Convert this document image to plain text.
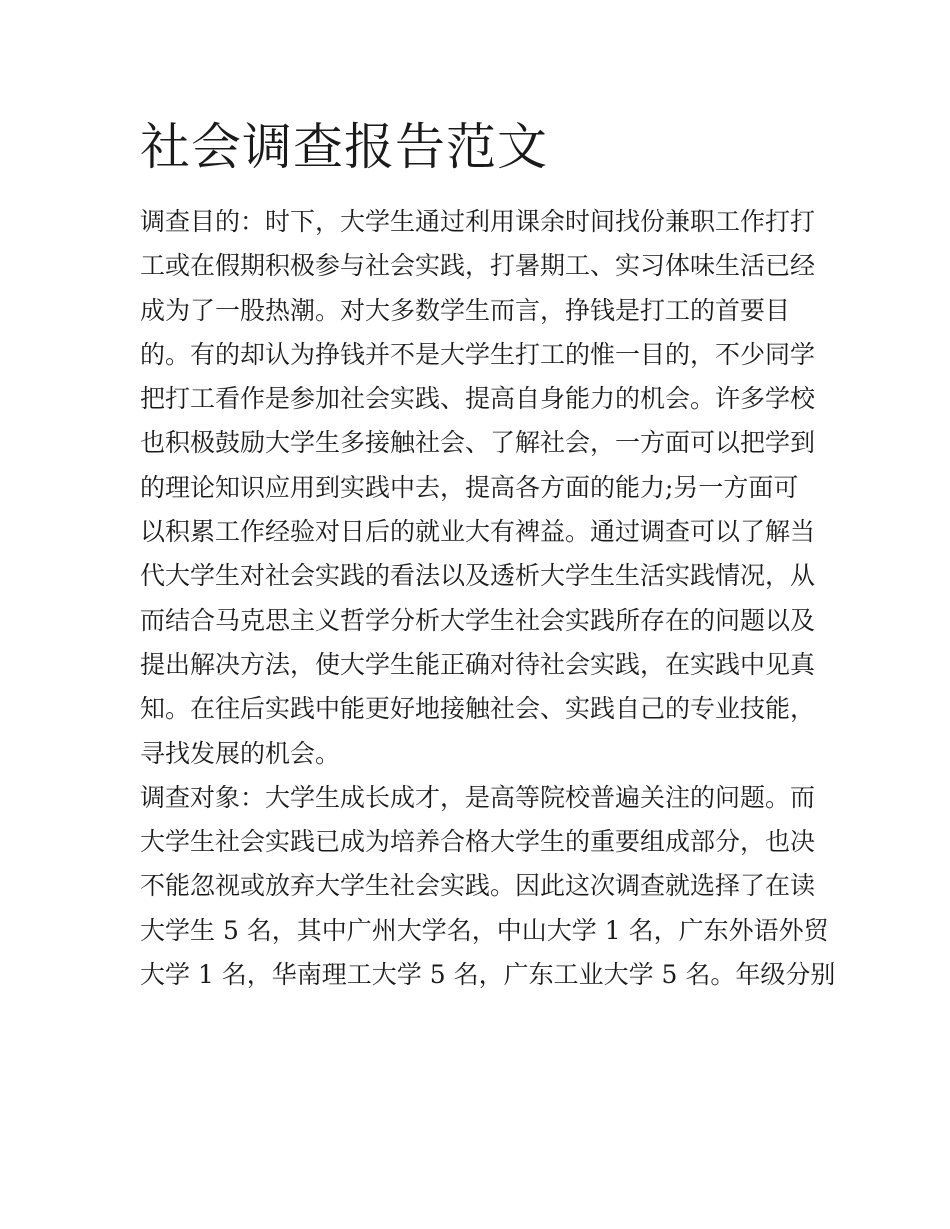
社会调查报告范文
调查目的：时下，大学生通过利用课余时间找份兼职工作打打
工或在假期积极参与社会实践，打暑期工、实习体味生活已经
成为了一股热潮。对大多数学生而言，挣钱是打工的首要目
的。有的却认为挣钱并不是大学生打工的惟一目的，不少同学
把打工看作是参加社会实践、提高自身能力的机会。许多学校
也积极鼓励大学生多接触社会、了解社会，一方面可以把学到
的理论知识应用到实践中去，提高各方面的能力;另一方面可
以积累工作经验对日后的就业大有裨益。通过调查可以了解当
代大学生对社会实践的看法以及透析大学生生活实践情况，从
而结合马克思主义哲学分析大学生社会实践所存在的问题以及
提出解决方法，使大学生能正确对待社会实践，在实践中见真
知。在往后实践中能更好地接触社会、实践自己的专业技能，
寻找发展的机会。
调查对象：大学生成长成才，是高等院校普遍关注的问题。而
大学生社会实践已成为培养合格大学生的重要组成部分，也决
不能忽视或放弃大学生社会实践。因此这次调查就选择了在读
大学生 5 名，其中广州大学名，中山大学 1 名，广东外语外贸
大学 1 名，华南理工大学 5 名，广东工业大学 5 名。年级分别
